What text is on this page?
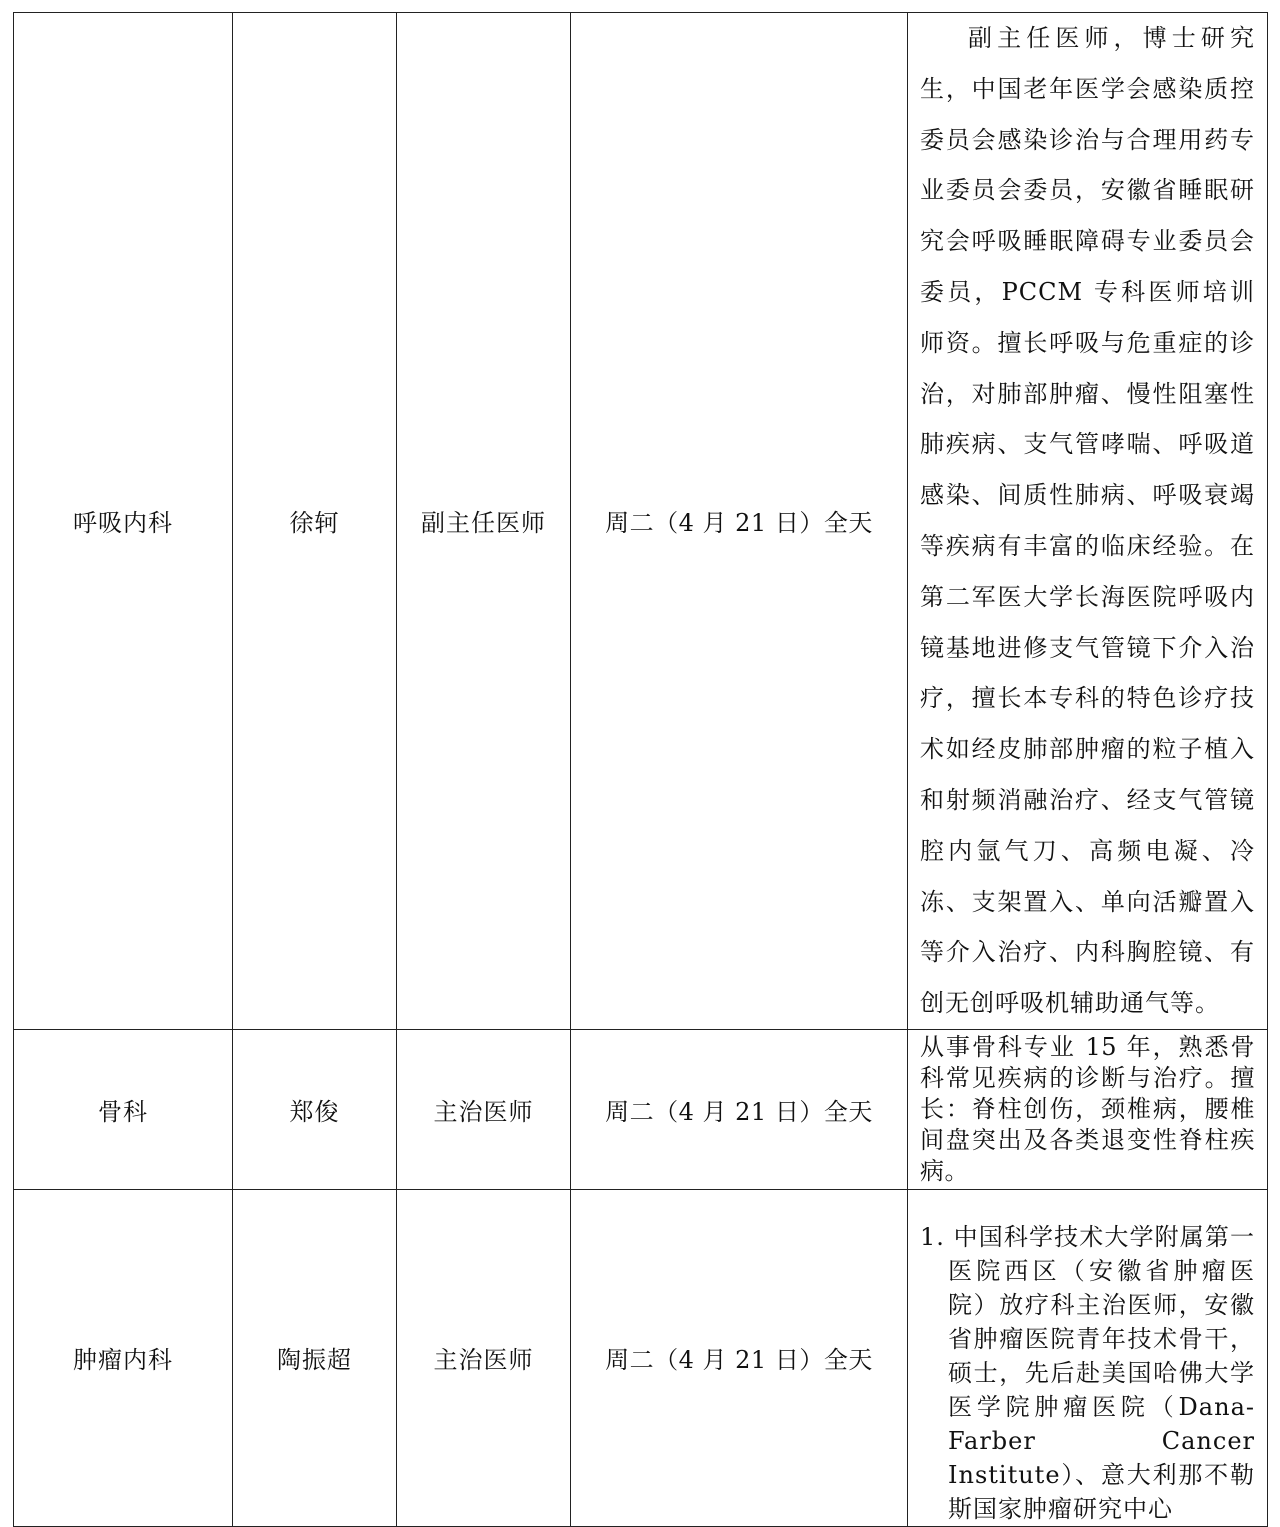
呼吸内科	徐轲	副主任医师	周二（4 月 21 日）全天	副主任医师，博士研究生，中国老年医学会感染质控委员会感染诊治与合理用药专业委员会委员，安徽省睡眠研究会呼吸睡眠障碍专业委员会委员，PCCM 专科医师培训师资。擅长呼吸与危重症的诊治，对肺部肿瘤、慢性阻塞性肺疾病、支气管哮喘、呼吸道感染、间质性肺病、呼吸衰竭等疾病有丰富的临床经验。在第二军医大学长海医院呼吸内镜基地进修支气管镜下介入治疗，擅长本专科的特色诊疗技术如经皮肺部肿瘤的粒子植入和射频消融治疗、经支气管镜腔内氩气刀、高频电凝、冷冻、支架置入、单向活瓣置入等介入治疗、内科胸腔镜、有创无创呼吸机辅助通气等。

骨科	郑俊	主治医师	周二（4 月 21 日）全天	从事骨科专业 15 年，熟悉骨科常见疾病的诊断与治疗。擅长：脊柱创伤，颈椎病，腰椎间盘突出及各类退变性脊柱疾病。

肿瘤内科	陶振超	主治医师	周二（4 月 21 日）全天	1. 中国科学技术大学附属第一医院西区（安徽省肿瘤医院）放疗科主治医师，安徽省肿瘤医院青年技术骨干，硕士，先后赴美国哈佛大学医学院肿瘤医院（Dana-Farber Cancer Institute）、意大利那不勒斯国家肿瘤研究中心
